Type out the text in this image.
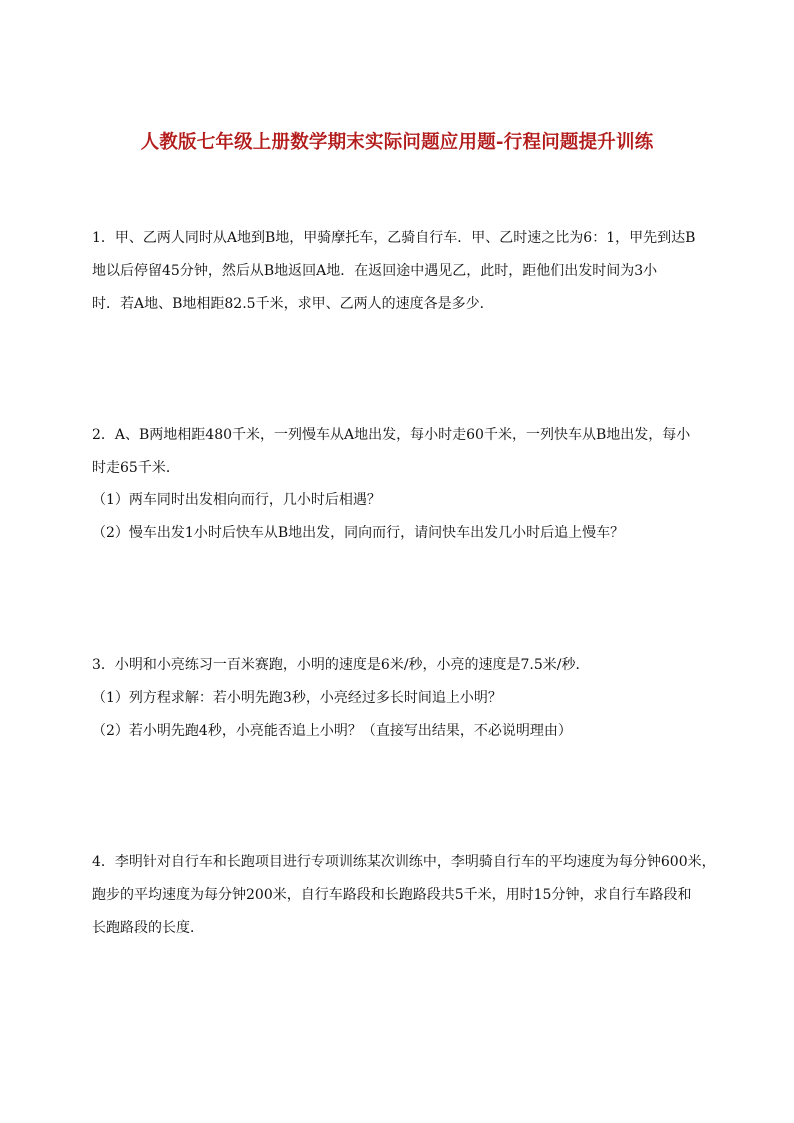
人教版七年级上册数学期末实际问题应用题-行程问题提升训练
1．甲、乙两人同时从A地到B地，甲骑摩托车，乙骑自行车．甲、乙时速之比为6：1，甲先到达B
地以后停留45分钟，然后从B地返回A地．在返回途中遇见乙，此时，距他们出发时间为3小
时．若A地、B地相距82.5千米，求甲、乙两人的速度各是多少．
2．A、B两地相距480千米，一列慢车从A地出发，每小时走60千米，一列快车从B地出发，每小
时走65千米．
（1）两车同时出发相向而行，几小时后相遇？
（2）慢车出发1小时后快车从B地出发，同向而行，请问快车出发几小时后追上慢车？
3．小明和小亮练习一百米赛跑，小明的速度是6米/秒，小亮的速度是7.5米/秒．
（1）列方程求解：若小明先跑3秒，小亮经过多长时间追上小明？
（2）若小明先跑4秒，小亮能否追上小明？（直接写出结果，不必说明理由）
4．李明针对自行车和长跑项目进行专项训练某次训练中，李明骑自行车的平均速度为每分钟600米，
跑步的平均速度为每分钟200米，自行车路段和长跑路段共5千米，用时15分钟，求自行车路段和
长跑路段的长度．
